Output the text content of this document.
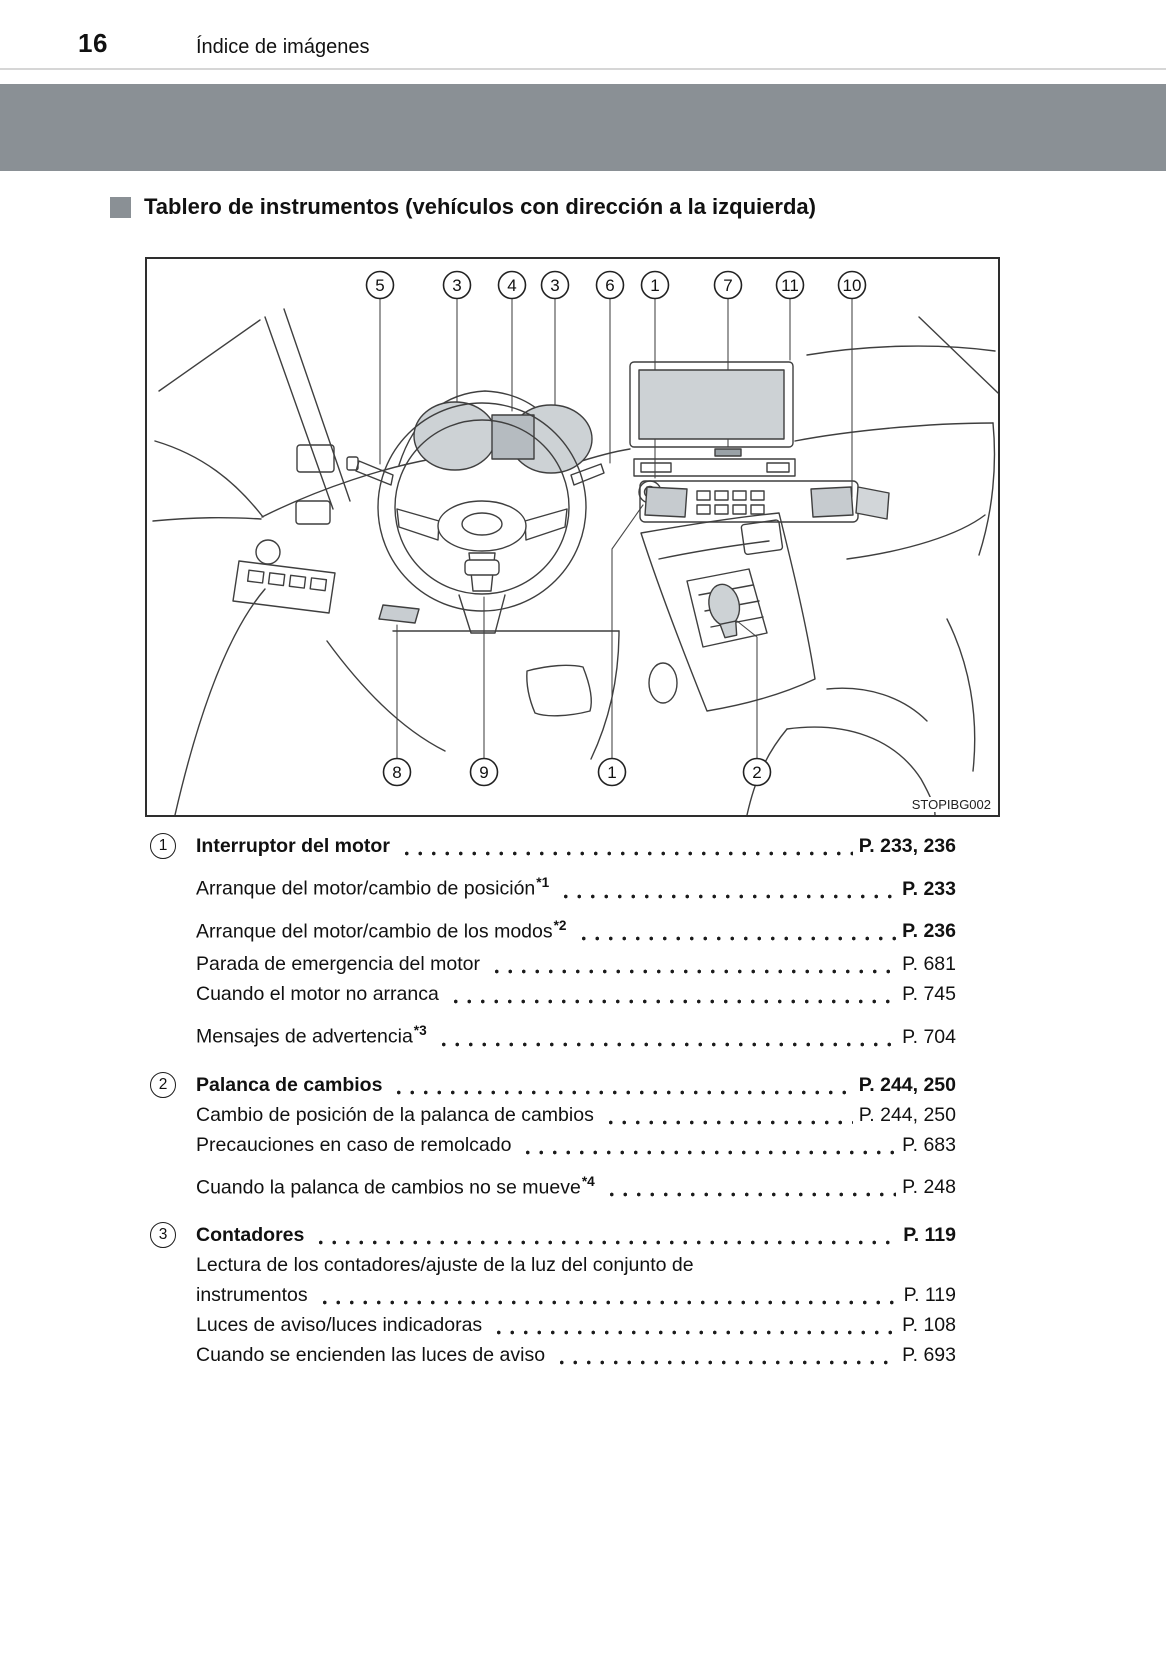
16	Índice de imágenes
Tablero de instrumentos (vehículos con dirección a la izquierda)
5	3	4 3	6 1	7	11	10
8	9	1	2
STOPIBG002
1	Interruptor del motor	P. 233, 236
Arranque del motor/cambio de posición$^{*1}$	P. 233
Arranque del motor/cambio de los modos$^{*2}$	P. 236
Parada de emergencia del motor	P. 681
Cuando el motor no arranca	P. 745
Mensajes de advertencia$^{*3}$	P. 704
2	Palanca de cambios	P. 244, 250
Cambio de posición de la palanca de cambios	P. 244, 250
Precauciones en caso de remolcado	P. 683
Cuando la palanca de cambios no se mueve$^{*4}$	P. 248
3	Contadores	P. 119
Lectura de los contadores/ajuste de la luz del conjunto de
instrumentos	P. 119
Luces de aviso/luces indicadoras	P. 108
Cuando se encienden las luces de aviso	P. 693
